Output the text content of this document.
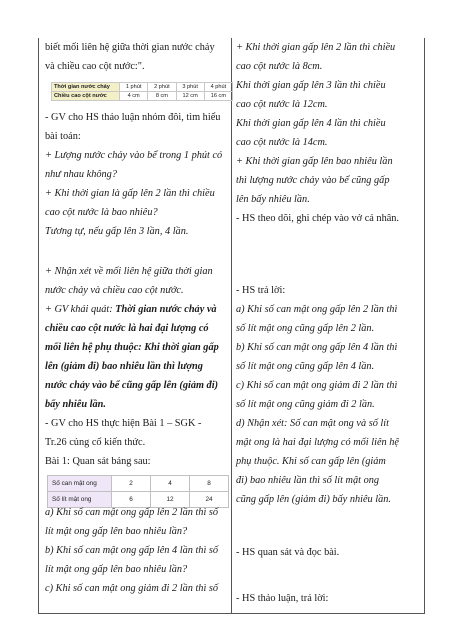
biết mối liên hệ giữa thời gian nước chảy

và chiều cao cột nước:".

Thời gian nước chảy	1 phút	2 phút	3 phút	4 phút
Chiều cao cột nước	4 cm	8 cm	12 cm	16 cm

- GV cho HS thảo luận nhóm đôi, tìm hiểu

bài toán:

+ Lượng nước chảy vào bể trong 1 phút có

như nhau không?

+ Khi thời gian là gấp lên 2 lần thì chiều

cao cột nước là bao nhiêu?

Tương tự, nếu gấp lên 3 lần, 4 lần.

+ Nhận xét về mối liên hệ giữa thời gian

nước chảy và chiều cao cột nước.

+ GV khái quát: Thời gian nước chảy và

chiều cao cột nước là hai đại lượng có

mối liên hệ phụ thuộc: Khi thời gian gấp

lên (giảm đi) bao nhiêu lần thì lượng

nước chảy vào bể cũng gấp lên (giảm đi)

bấy nhiêu lần.

- GV cho HS thực hiện Bài 1 – SGK -

Tr.26 củng cố kiến thức.

Bài 1: Quan sát bảng sau:

Số can mật ong	2	4	8
Số lít mật ong	6	12	24

a) Khi số can mật ong gấp lên 2 lần thì số

lít mật ong gấp lên bao nhiêu lần?

b) Khi số can mật ong gấp lên 4 lần thì số

lít mật ong gấp lên bao nhiêu lần?

c) Khi số can mật ong giảm đi 2 lần thì số

+ Khi thời gian gấp lên 2 lần thì chiều

cao cột nước là 8cm.

Khi thời gian gấp lên 3 lần thì chiều

cao cột nước là 12cm.

Khi thời gian gấp lên 4 lần thì chiều

cao cột nước là 14cm.

+ Khi thời gian gấp lên bao nhiêu lần

thì lượng nước chảy vào bể cũng gấp

lên bấy nhiêu lần.

- HS theo dõi, ghi chép vào vở cá nhân.

- HS trả lời:

a) Khi số can mật ong gấp lên 2 lần thì

số lít mật ong cũng gấp lên 2 lần.

b) Khi số can mật ong gấp lên 4 lần thì

số lít mật ong cũng gấp lên 4 lần.

c) Khi số can mật ong giảm đi 2 lần thì

số lít mật ong cũng giảm đi 2 lần.

d) Nhận xét: Số can mật ong và số lít

mật ong là hai đại lượng có mối liên hệ

phụ thuộc. Khi số can gấp lên (giảm

đi) bao nhiêu lần thì số lít mật ong

cũng gấp lên (giảm đi) bấy nhiêu lần.

- HS quan sát và đọc bài.

- HS thảo luận, trả lời:
